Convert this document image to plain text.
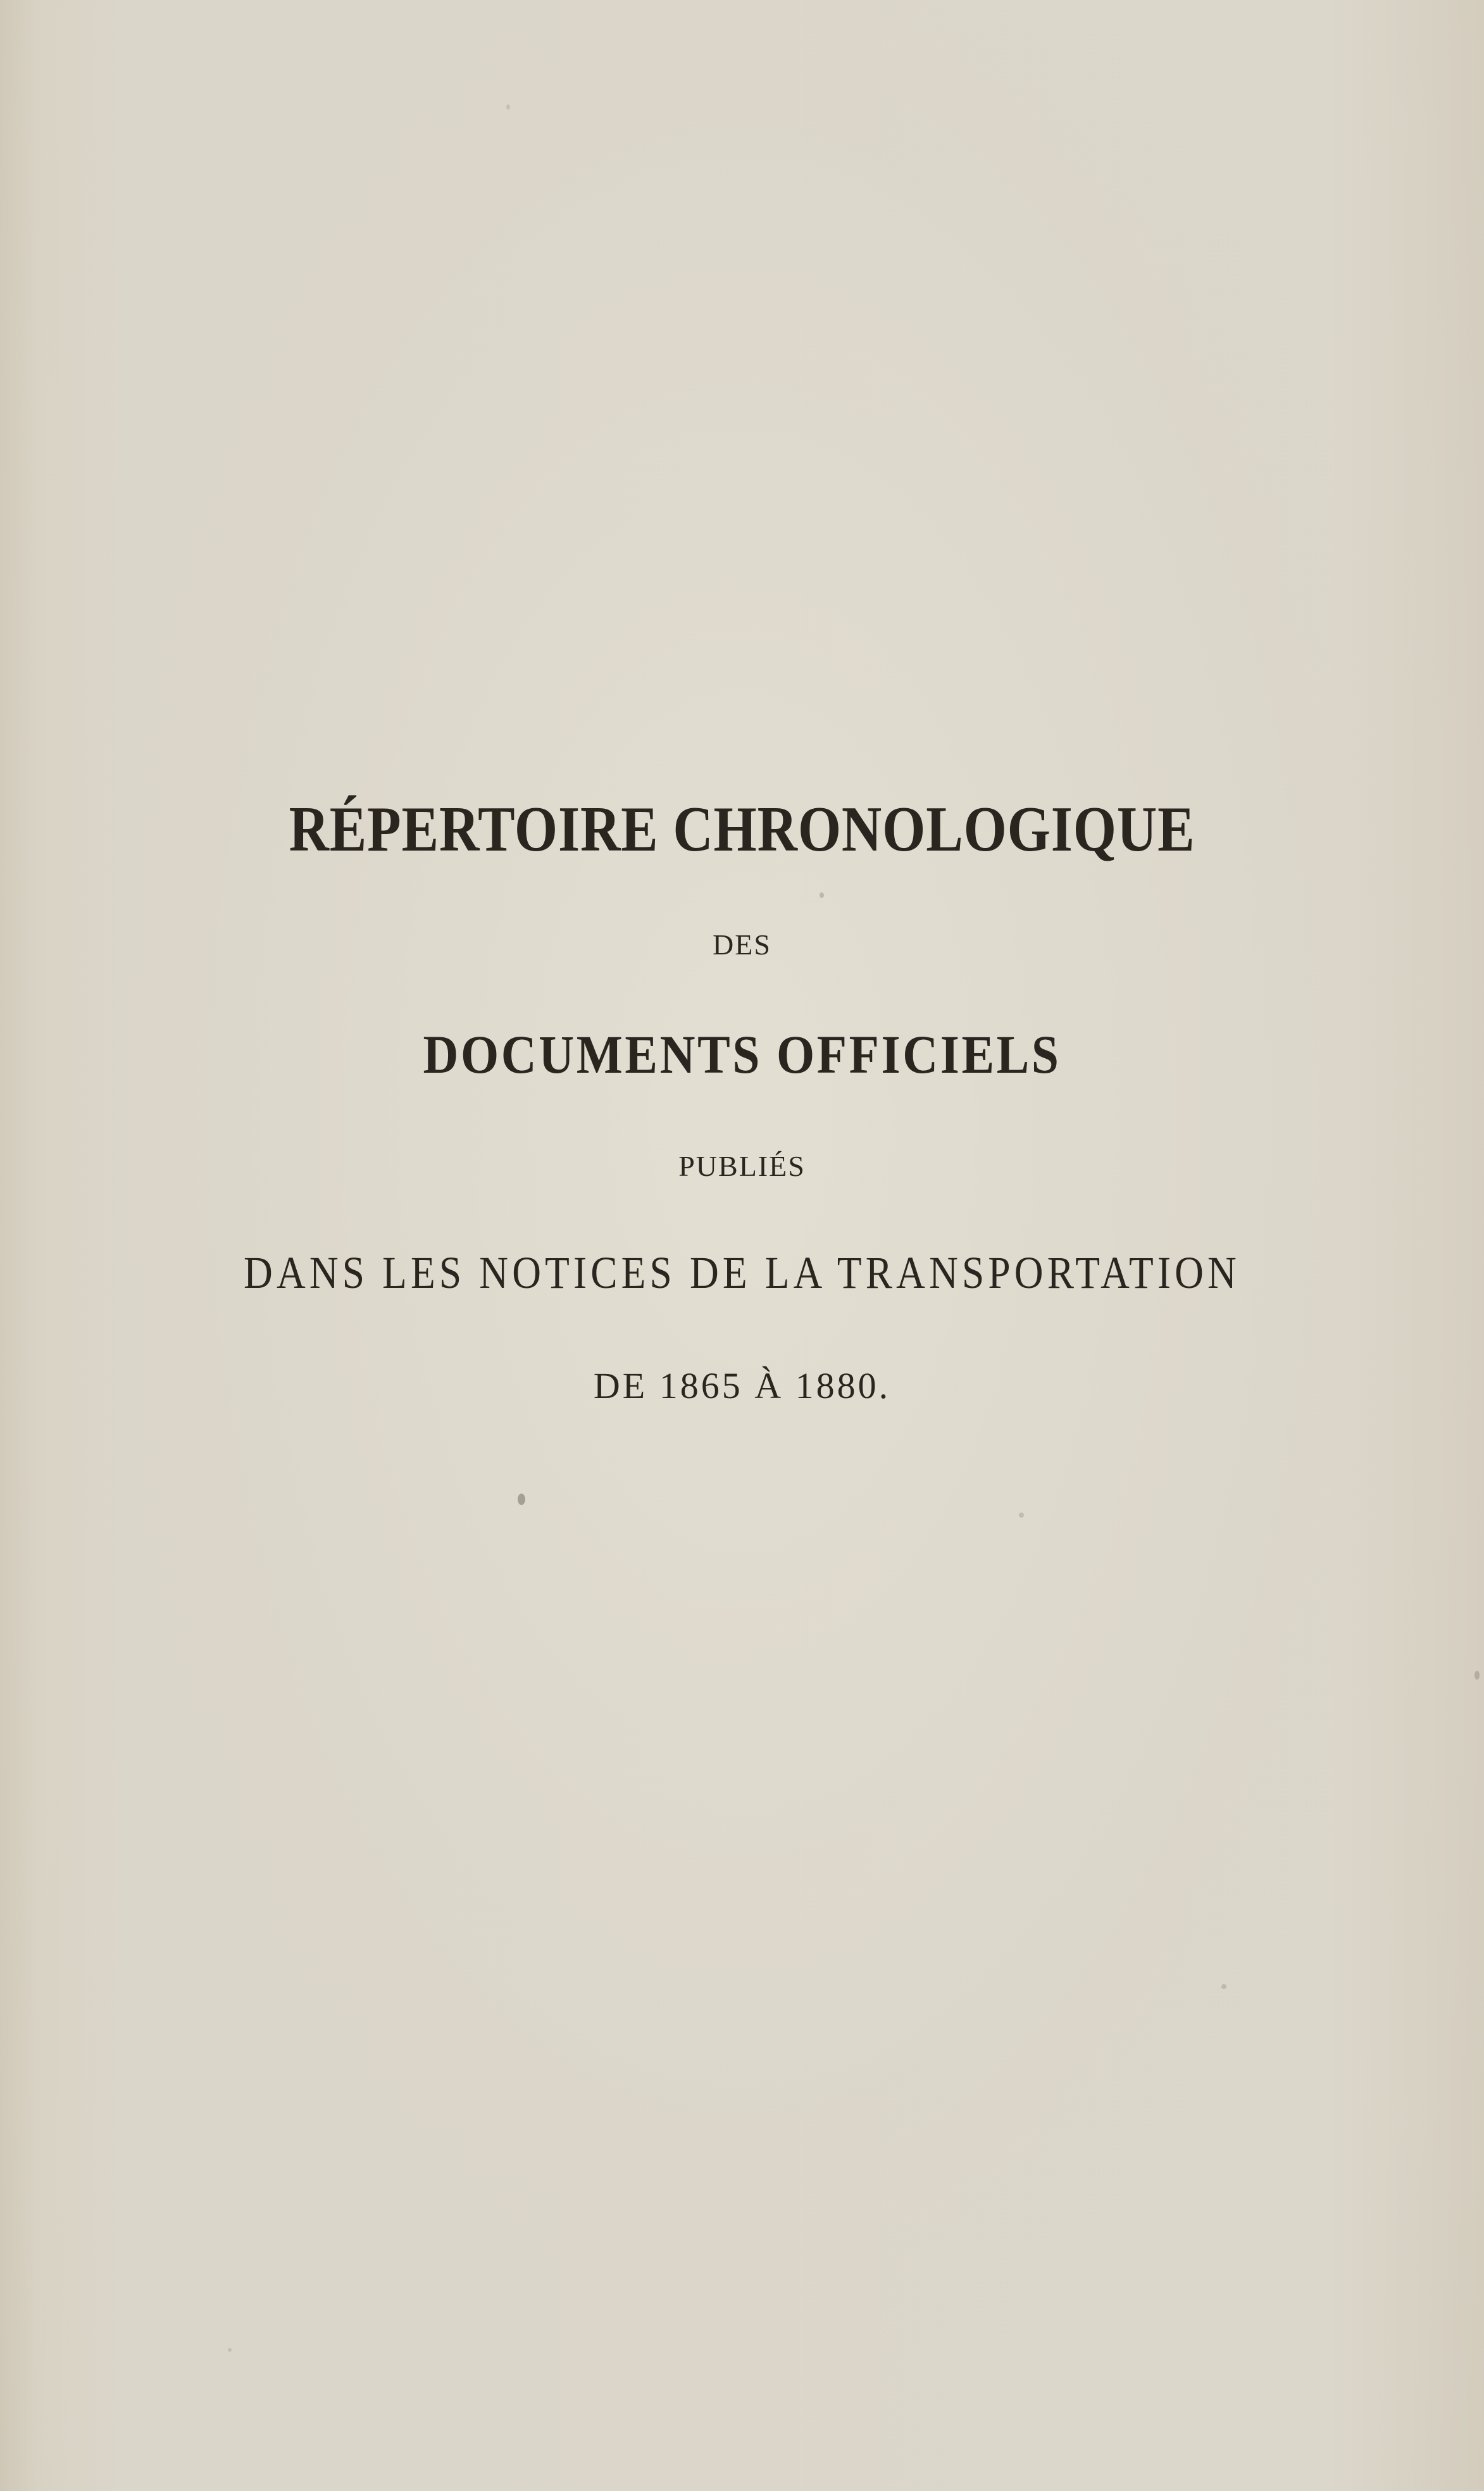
RÉPERTOIRE CHRONOLOGIQUE
DES
DOCUMENTS OFFICIELS
PUBLIÉS
DANS LES NOTICES DE LA TRANSPORTATION
DE 1865 À 1880.
